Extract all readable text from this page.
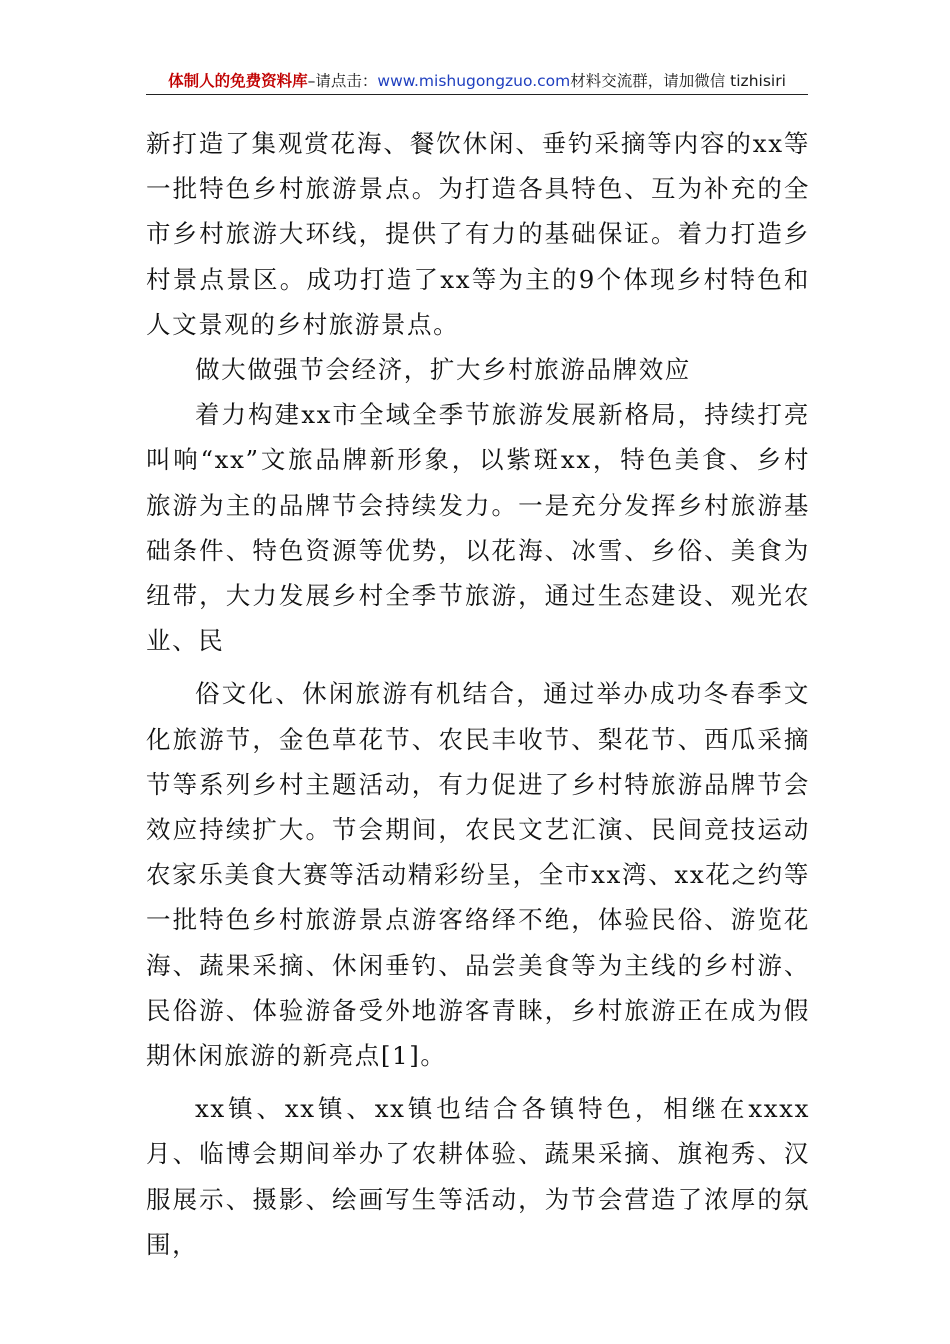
体制人的免费资料库–请点击：www.mishugongzuo.com材料交流群，请加微信 tizhisiri

新打造了集观赏花海、餐饮休闲、垂钓采摘等内容的xx等一批特色乡村旅游景点。为打造各具特色、互为补充的全市乡村旅游大环线，提供了有力的基础保证。着力打造乡村景点景区。成功打造了xx等为主的9个体现乡村特色和人文景观的乡村旅游景点。

做大做强节会经济，扩大乡村旅游品牌效应

着力构建xx市全域全季节旅游发展新格局，持续打亮叫响“xx”文旅品牌新形象，以紫斑xx，特色美食、乡村旅游为主的品牌节会持续发力。一是充分发挥乡村旅游基础条件、特色资源等优势，以花海、冰雪、乡俗、美食为纽带，大力发展乡村全季节旅游，通过生态建设、观光农业、民

俗文化、休闲旅游有机结合，通过举办成功冬春季文化旅游节，金色草花节、农民丰收节、梨花节、西瓜采摘节等系列乡村主题活动，有力促进了乡村特旅游品牌节会效应持续扩大。节会期间，农民文艺汇演、民间竞技运动农家乐美食大赛等活动精彩纷呈，全市xx湾、xx花之约等一批特色乡村旅游景点游客络绎不绝，体验民俗、游览花海、蔬果采摘、休闲垂钓、品尝美食等为主线的乡村游、民俗游、体验游备受外地游客青睐，乡村旅游正在成为假期休闲旅游的新亮点[1]。

xx镇、xx镇、xx镇也结合各镇特色，相继在xxxx月、临博会期间举办了农耕体验、蔬果采摘、旗袍秀、汉服展示、摄影、绘画写生等活动，为节会营造了浓厚的氛围，
